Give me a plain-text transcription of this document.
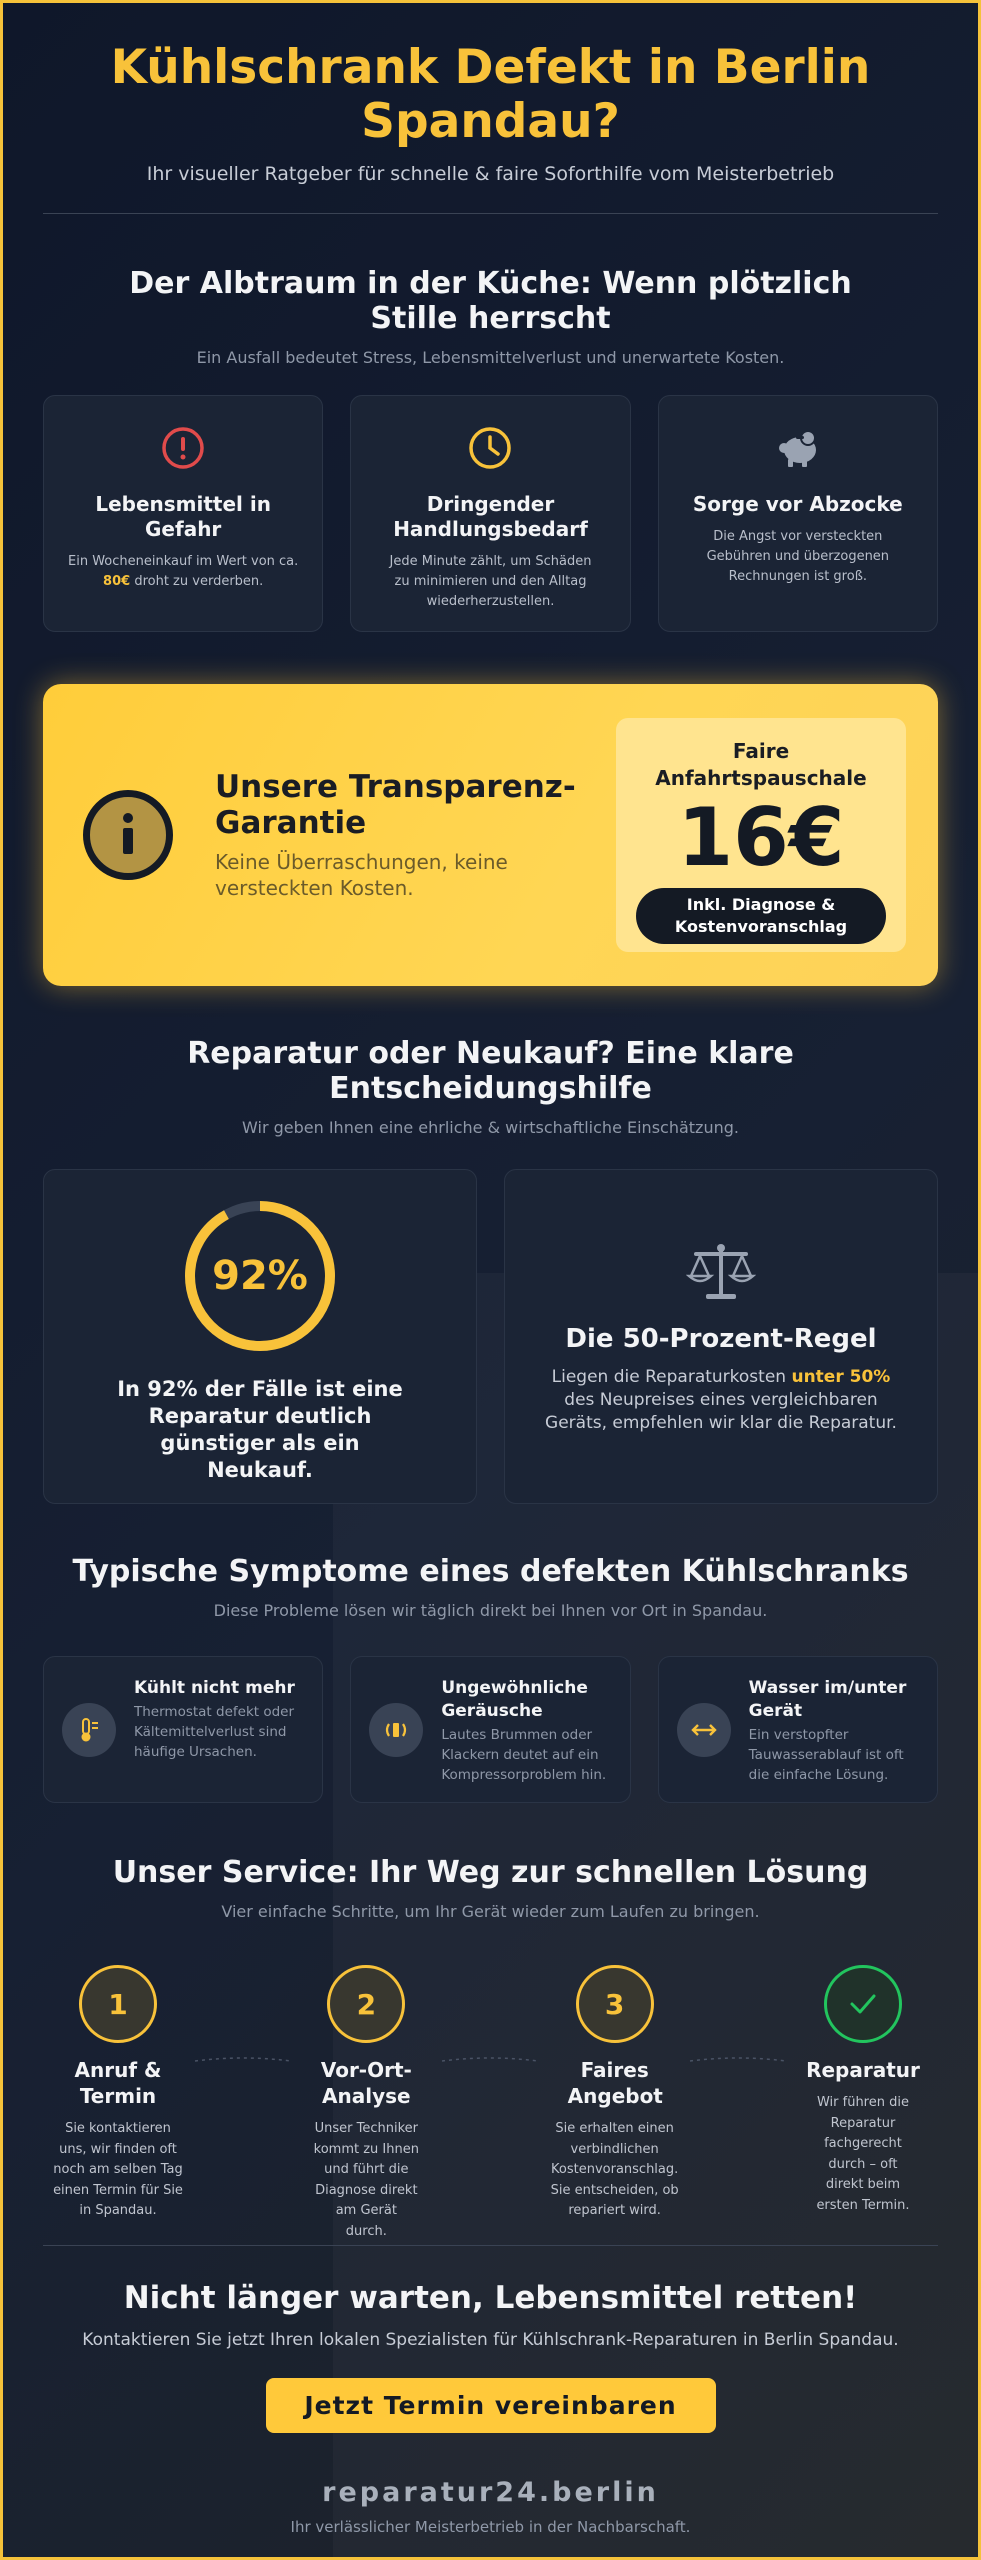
Kühlschrank Defekt in Berlin Spandau?

Ihr visueller Ratgeber für schnelle & faire Soforthilfe vom Meisterbetrieb

Der Albtraum in der Küche: Wenn plötzlich Stille herrscht

Ein Ausfall bedeutet Stress, Lebensmittelverlust und unerwartete Kosten.

Lebensmittel in Gefahr

Ein Wocheneinkauf im Wert von ca. 80€ droht zu verderben.

Dringender Handlungsbedarf

Jede Minute zählt, um Schäden zu minimieren und den Alltag wiederherzustellen.

Sorge vor Abzocke

Die Angst vor versteckten Gebühren und überzogenen Rechnungen ist groß.

Unsere Transparenz-Garantie

Keine Überraschungen, keine versteckten Kosten.

Faire Anfahrtspauschale
16€
Inkl. Diagnose & Kostenvoranschlag
Reparatur oder Neukauf? Eine klare Entscheidungshilfe

Wir geben Ihnen eine ehrliche & wirtschaftliche Einschätzung.

92%
In 92% der Fälle ist eine Reparatur deutlich günstiger als ein Neukauf.
Die 50-Prozent-Regel

Liegen die Reparaturkosten unter 50% des Neupreises eines vergleichbaren Geräts, empfehlen wir klar die Reparatur.

Typische Symptome eines defekten Kühlschranks

Diese Probleme lösen wir täglich direkt bei Ihnen vor Ort in Spandau.

Kühlt nicht mehr

Thermostat defekt oder Kältemittelverlust sind häufige Ursachen.

Ungewöhnliche Geräusche

Lautes Brummen oder Klackern deutet auf ein Kompressorproblem hin.

Wasser im/unter Gerät

Ein verstopfter Tauwasserablauf ist oft die einfache Lösung.

Unser Service: Ihr Weg zur schnellen Lösung

Vier einfache Schritte, um Ihr Gerät wieder zum Laufen zu bringen.

1
Anruf & Termin

Sie kontaktieren uns, wir finden oft noch am selben Tag einen Termin für Sie in Spandau.

2
Vor-Ort-Analyse

Unser Techniker kommt zu Ihnen und führt die Diagnose direkt am Gerät durch.

3
Faires Angebot

Sie erhalten einen verbindlichen Kostenvoranschlag. Sie entscheiden, ob repariert wird.

Reparatur

Wir führen die Reparatur fachgerecht durch – oft direkt beim ersten Termin.

Nicht länger warten, Lebensmittel retten!

Kontaktieren Sie jetzt Ihren lokalen Spezialisten für Kühlschrank-Reparaturen in Berlin Spandau.

Jetzt Termin vereinbaren
reparatur24.berlin
Ihr verlässlicher Meisterbetrieb in der Nachbarschaft.
